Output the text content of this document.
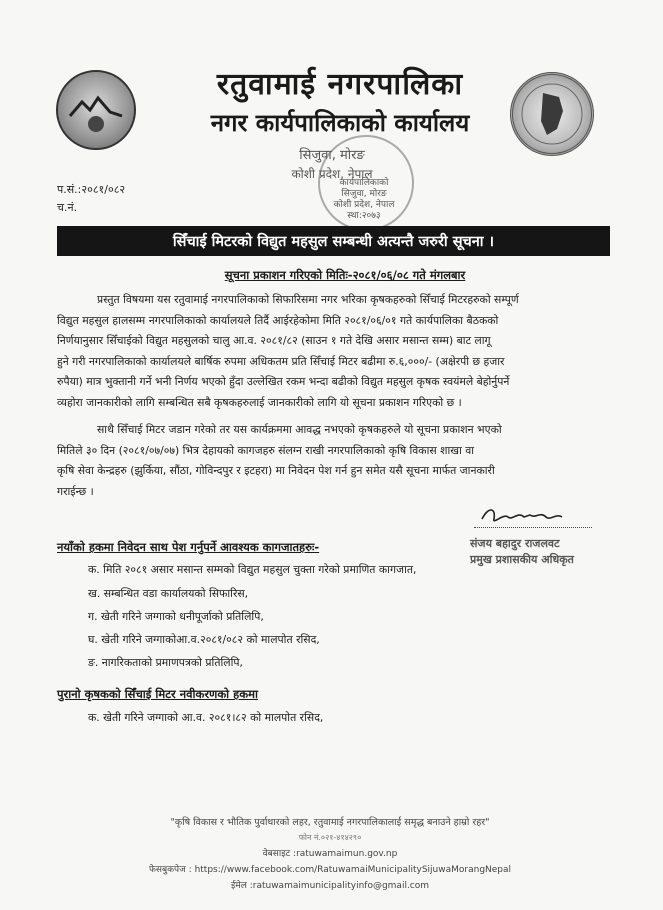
रतुवामाई नगरपालिका
नगर कार्यपालिकाको कार्यालय
सिजुवा, मोरङ
कोशी प्रदेश, नेपाल
कार्यपालिकाको
सिजुवा, मोरङ
कोशी प्रदेश, नेपाल
स्था:२०७३
प.सं.:२०८१/०८२
च.नं.
सिँचाई मिटरको विद्युत महसुल सम्बन्धी अत्यन्तै जरुरी सूचना ।
सूचना प्रकाशन गरिएको मितिः-२०८१/०६/०८ गते मंगलबार
प्रस्तुत विषयमा यस रतुवामाई नगरपालिकाको सिफारिसमा नगर भरिका कृषकहरुको सिँचाई मिटरहरुको सम्पूर्ण
विद्युत महसुल हालसम्म नगरपालिकाको कार्यालयले तिर्दै आईरहेकोमा मिति २०८१/०६/०१ गते कार्यपालिका बैठकको
निर्णयानुसार सिँचाईको विद्युत महसुलको चालु आ.व. २०८१/८२ (साउन १ गते देखि असार मसान्त सम्म) बाट लागू
हुने गरी नगरपालिकाको कार्यालयले बार्षिक रुपमा अधिकतम प्रति सिँचाई मिटर बढीमा रु.६,०००/- (अक्षेरपी छ हजार
रुपैया) मात्र भुक्तानी गर्ने भनी निर्णय भएको हुँदा उल्लेखित रकम भन्दा बढीको विद्युत महसुल कृषक स्वयंमले बेहोर्नुपर्ने
व्यहोरा जानकारीको लागि सम्बन्धित सबै कृषकहरुलाई जानकारीको लागि यो सूचना प्रकाशन गरिएको छ ।
साथै सिँचाई मिटर जडान गरेको तर यस कार्यक्रममा आवद्ध नभएको कृषकहरुले यो सूचना प्रकाशन भएको
मितिले ३० दिन (२०८१/०७/०७) भित्र देहायको कागजहरु संलग्न राखी नगरपालिकाको कृषि विकास शाखा वा
कृषि सेवा केन्द्रहरु (झुर्किया, सौंठा, गोविन्दपुर र इटहरा) मा निवेदन पेश गर्न हुन समेत यसै सूचना मार्फत जानकारी
गराईन्छ ।
संजय बहादुर राजलवट
प्रमुख प्रशासकीय अधिकृत
नयाँको हकमा निवेदन साथ पेश गर्नुपर्ने आवश्यक कागजातहरुः-
क. मिति २०८१ असार मसान्त सम्मको विद्युत महसुल चुक्ता गरेको प्रमाणित कागजात,
ख. सम्बन्धित वडा कार्यालयको सिफारिस,
ग. खेती गरिने जग्गाको धनीपूर्जाको प्रतिलिपि,
घ. खेती गरिने जग्गाकोआ.व.२०८१/०८२ को मालपोत रसिद,
ङ. नागरिकताको प्रमाणपत्रको प्रतिलिपि,
पुरानो कृषकको सिँचाई मिटर नवीकरणको हकमा
क. खेती गरिने जग्गाको आ.व. २०८१।८२ को मालपोत रसिद,
"कृषि विकास र भौतिक पुर्वाधारको लहर, रतुवामाई नगरपालिकालाई समृद्ध बनाउने हाम्रो रहर"
फोन नं.०२१-४१४२९०
वेबसाइट :ratuwamaimun.gov.np
फेसबुकपेज : https://www.facebook.com/RatuwamaiMunicipalitySijuwaMorangNepal
ईमेल :ratuwamaimunicipalityinfo@gmail.com
